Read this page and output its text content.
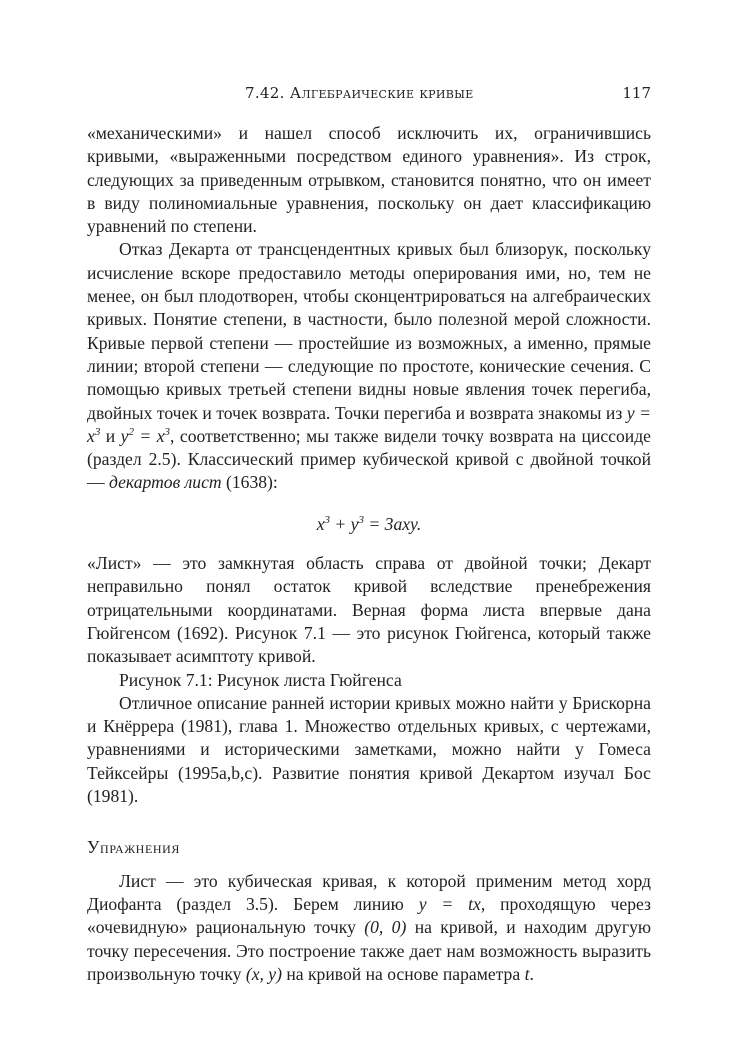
7.42. Алгебраические кривые	117

«механическими» и нашел способ исключить их, ограничившись кривыми, «выраженными посредством единого уравнения». Из строк, следующих за приведенным отрывком, становится понятно, что он имеет в виду полиномиальные уравнения, поскольку он дает классификацию уравнений по степени.

Отказ Декарта от трансцендентных кривых был близорук, поскольку исчисление вскоре предоставило методы оперирования ими, но, тем не менее, он был плодотворен, чтобы сконцентрироваться на алгебраических кривых. Понятие степени, в частности, было полезной мерой сложности. Кривые первой степени — простейшие из возможных, а именно, прямые линии; второй степени — следующие по простоте, конические сечения. С помощью кривых третьей степени видны новые явления точек перегиба, двойных точек и точек возврата. Точки перегиба и возврата знакомы из $y = x^3$ и $y^2 = x^3$, соответственно; мы также видели точку возврата на циссоиде (раздел 2.5). Классический пример кубической кривой с двойной точкой — декартов лист (1638):

$x^3 + y^3 = 3axy$.

«Лист» — это замкнутая область справа от двойной точки; Декарт неправильно понял остаток кривой вследствие пренебрежения отрицательными координатами. Верная форма листа впервые дана Гюйгенсом (1692). Рисунок 7.1 — это рисунок Гюйгенса, который также показывает асимптоту кривой.

Рисунок 7.1: Рисунок листа Гюйгенса

Отличное описание ранней истории кривых можно найти у Брискорна и Кнёррера (1981), глава 1. Множество отдельных кривых, с чертежами, уравнениями и историческими заметками, можно найти у Гомеса Тейксейры (1995a,b,c). Развитие понятия кривой Декартом изучал Бос (1981).

Упражнения

Лист — это кубическая кривая, к которой применим метод хорд Диофанта (раздел 3.5). Берем линию y = tx, проходящую через «очевидную» рациональную точку (0, 0) на кривой, и находим другую точку пересечения. Это построение также дает нам возможность выразить произвольную точку (x, y) на кривой на основе параметра t.
